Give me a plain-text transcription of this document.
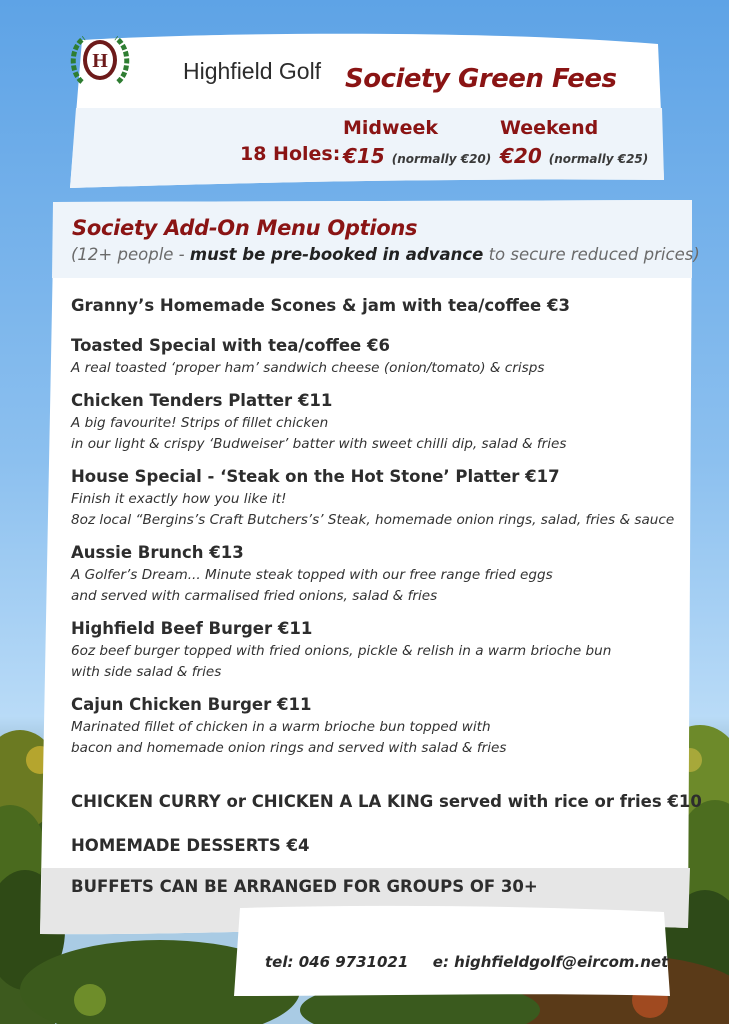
H	Highfield Golf Society Green Fees
Midweek	Weekend
18 Holes: €15 (normally €20) €20 (normally €25)
Society Add-On Menu Options
(12+ people - must be pre-booked in advance to secure reduced prices)
Granny’s Homemade Scones & jam with tea/coffee €3
Toasted Special with tea/coffee €6
A real toasted ‘proper ham’ sandwich cheese (onion/tomato) & crisps
Chicken Tenders Platter €11
A big favourite! Strips of fillet chicken
in our light & crispy ‘Budweiser’ batter with sweet chilli dip, salad & fries
House Special - ‘Steak on the Hot Stone’ Platter €17
Finish it exactly how you like it!
8oz local “Bergins’s Craft Butchers’s’ Steak, homemade onion rings, salad, fries & sauce
Aussie Brunch €13
A Golfer’s Dream... Minute steak topped with our free range fried eggs
and served with carmalised fried onions, salad & fries
Highfield Beef Burger €11
6oz beef burger topped with fried onions, pickle & relish in a warm brioche bun
with side salad & fries
Cajun Chicken Burger €11
Marinated fillet of chicken in a warm brioche bun topped with
bacon and homemade onion rings and served with salad & fries
CHICKEN CURRY or CHICKEN A LA KING served with rice or fries €10
HOMEMADE DESSERTS €4
BUFFETS CAN BE ARRANGED FOR GROUPS OF 30+
tel: 046 9731021 e: highfieldgolf@eircom.net
